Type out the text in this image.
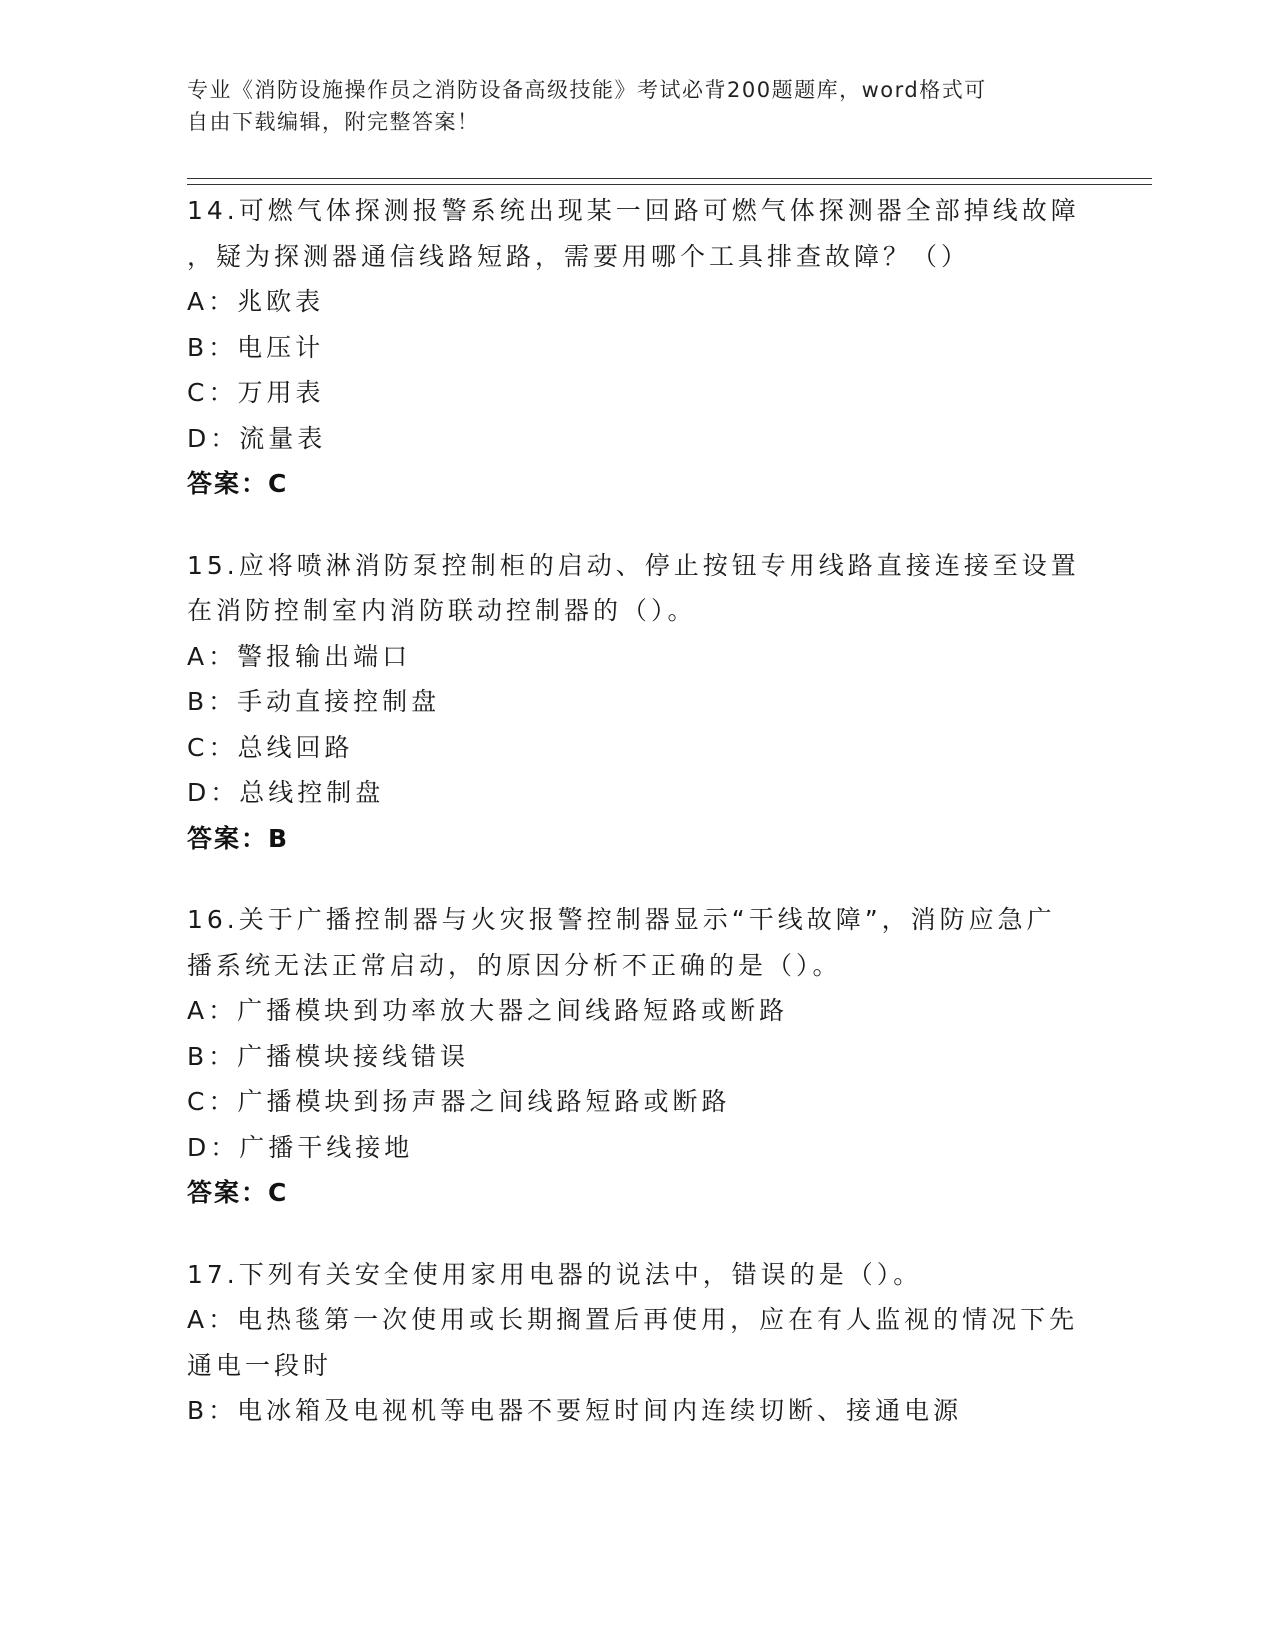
专业《消防设施操作员之消防设备高级技能》考试必背200题题库，word格式可
自由下载编辑，附完整答案！
14.可燃气体探测报警系统出现某一回路可燃气体探测器全部掉线故障
，疑为探测器通信线路短路，需要用哪个工具排查故障？（）
A：兆欧表
B：电压计
C：万用表
D：流量表
答案：C
15.应将喷淋消防泵控制柜的启动、停止按钮专用线路直接连接至设置
在消防控制室内消防联动控制器的（）。
A：警报输出端口
B：手动直接控制盘
C：总线回路
D：总线控制盘
答案：B
16.关于广播控制器与火灾报警控制器显示“干线故障”，消防应急广
播系统无法正常启动，的原因分析不正确的是（）。
A：广播模块到功率放大器之间线路短路或断路
B：广播模块接线错误
C：广播模块到扬声器之间线路短路或断路
D：广播干线接地
答案：C
17.下列有关安全使用家用电器的说法中，错误的是（）。
A：电热毯第一次使用或长期搁置后再使用，应在有人监视的情况下先
通电一段时
B：电冰箱及电视机等电器不要短时间内连续切断、接通电源
